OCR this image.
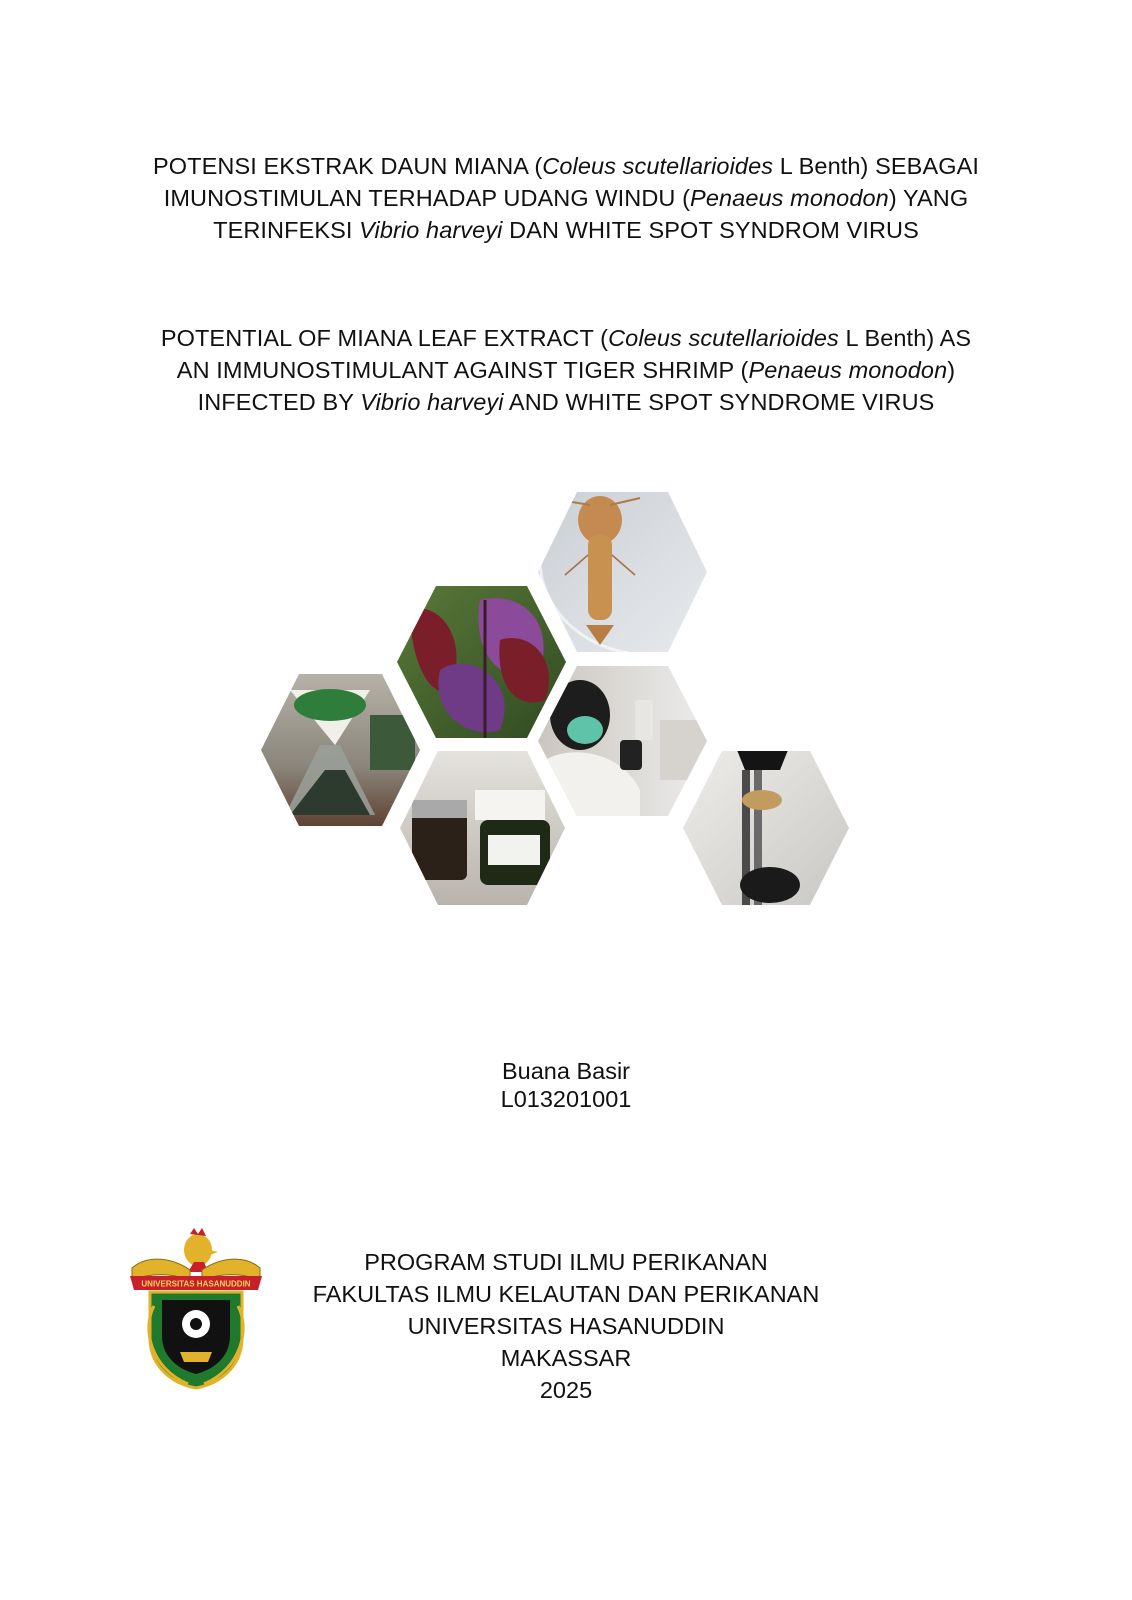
POTENSI EKSTRAK DAUN MIANA (Coleus scutellarioides L Benth) SEBAGAI
IMUNOSTIMULAN TERHADAP UDANG WINDU (Penaeus monodon) YANG
TERINFEKSI Vibrio harveyi DAN WHITE SPOT SYNDROM VIRUS
POTENTIAL OF MIANA LEAF EXTRACT (Coleus scutellarioides L Benth) AS
AN IMMUNOSTIMULANT AGAINST TIGER SHRIMP (Penaeus monodon)
INFECTED BY Vibrio harveyi AND WHITE SPOT SYNDROME VIRUS
Buana Basir
L013201001
UNIVERSITAS HASANUDDIN
PROGRAM STUDI ILMU PERIKANAN
FAKULTAS ILMU KELAUTAN DAN PERIKANAN
UNIVERSITAS HASANUDDIN
MAKASSAR
2025
